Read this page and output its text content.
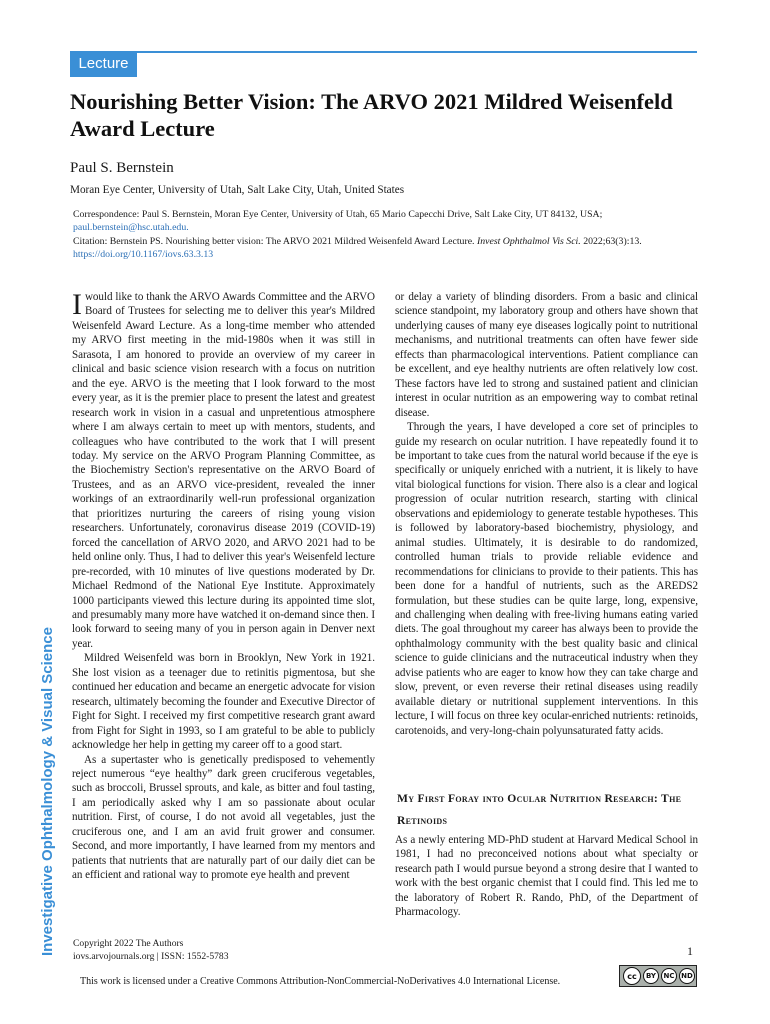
Lecture
Nourishing Better Vision: The ARVO 2021 Mildred Weisenfeld Award Lecture
Paul S. Bernstein
Moran Eye Center, University of Utah, Salt Lake City, Utah, United States
Correspondence: Paul S. Bernstein, Moran Eye Center, University of Utah, 65 Mario Capecchi Drive, Salt Lake City, UT 84132, USA; paul.bernstein@hsc.utah.edu.
Citation: Bernstein PS. Nourishing better vision: The ARVO 2021 Mildred Weisenfeld Award Lecture. Invest Ophthalmol Vis Sci. 2022;63(3):13. https://doi.org/10.1167/iovs.63.3.13
Investigative Ophthalmology & Visual Science

Iwould like to thank the ARVO Awards Committee and the ARVO Board of Trustees for selecting me to deliver this year's Mildred Weisenfeld Award Lecture. As a long-time member who attended my ARVO first meeting in the mid-1980s when it was still in Sarasota, I am honored to provide an overview of my career in clinical and basic science vision research with a focus on nutrition and the eye. ARVO is the meeting that I look forward to the most every year, as it is the premier place to present the latest and greatest research work in vision in a casual and unpretentious atmosphere where I am always certain to meet up with mentors, students, and colleagues who have contributed to the work that I will present today. My service on the ARVO Program Planning Committee, as the Biochemistry Section's representative on the ARVO Board of Trustees, and as an ARVO vice-president, revealed the inner workings of an extraordinarily well-run professional organization that prioritizes nurturing the careers of rising young vision researchers. Unfortunately, coronavirus disease 2019 (COVID-19) forced the cancellation of ARVO 2020, and ARVO 2021 had to be held online only. Thus, I had to deliver this year's Weisenfeld lecture pre-recorded, with 10 minutes of live questions moderated by Dr. Michael Redmond of the National Eye Institute. Approximately 1000 participants viewed this lecture during its appointed time slot, and presumably many more have watched it on-demand since then. I look forward to seeing many of you in person again in Denver next year.

Mildred Weisenfeld was born in Brooklyn, New York in 1921. She lost vision as a teenager due to retinitis pigmentosa, but she continued her education and became an energetic advocate for vision research, ultimately becoming the founder and Executive Director of Fight for Sight. I received my first competitive research grant award from Fight for Sight in 1993, so I am grateful to be able to publicly acknowledge her help in getting my career off to a good start.

As a supertaster who is genetically predisposed to vehemently reject numerous “eye healthy” dark green cruciferous vegetables, such as broccoli, Brussel sprouts, and kale, as bitter and foul tasting, I am periodically asked why I am so passionate about ocular nutrition. First, of course, I do not avoid all vegetables, just the cruciferous one, and I am an avid fruit grower and consumer. Second, and more importantly, I have learned from my mentors and patients that nutrients that are naturally part of our daily diet can be an efficient and rational way to promote eye health and prevent

or delay a variety of blinding disorders. From a basic and clinical science standpoint, my laboratory group and others have shown that underlying causes of many eye diseases logically point to nutritional mechanisms, and nutritional treatments can often have fewer side effects than pharmacological interventions. Patient compliance can be excellent, and eye healthy nutrients are often relatively low cost. These factors have led to strong and sustained patient and clinician interest in ocular nutrition as an empowering way to combat retinal disease.

Through the years, I have developed a core set of principles to guide my research on ocular nutrition. I have repeatedly found it to be important to take cues from the natural world because if the eye is specifically or uniquely enriched with a nutrient, it is likely to have vital biological functions for vision. There also is a clear and logical progression of ocular nutrition research, starting with clinical observations and epidemiology to generate testable hypotheses. This is followed by laboratory-based biochemistry, physiology, and animal studies. Ultimately, it is desirable to do randomized, controlled human trials to provide reliable evidence and recommendations for clinicians to provide to their patients. This has been done for a handful of nutrients, such as the AREDS2 formulation, but these studies can be quite large, long, expensive, and challenging when dealing with free-living humans eating varied diets. The goal throughout my career has always been to provide the ophthalmology community with the best quality basic and clinical science to guide clinicians and the nutraceutical industry when they advise patients who are eager to know how they can take charge and slow, prevent, or even reverse their retinal diseases using readily available dietary or nutritional supplement interventions. In this lecture, I will focus on three key ocular-enriched nutrients: retinoids, carotenoids, and very-long-chain polyunsaturated fatty acids.

My First Foray into Ocular Nutrition Research: The Retinoids

As a newly entering MD-PhD student at Harvard Medical School in 1981, I had no preconceived notions about what specialty or research path I would pursue beyond a strong desire that I wanted to work with the best organic chemist that I could find. This led me to the laboratory of Robert R. Rando, PhD, of the Department of Pharmacology.

Copyright 2022 The Authors
iovs.arvojournals.org | ISSN: 1552-5783	1
This work is licensed under a Creative Commons Attribution-NonCommercial-NoDerivatives 4.0 International License.	cc	BY	NC ND
